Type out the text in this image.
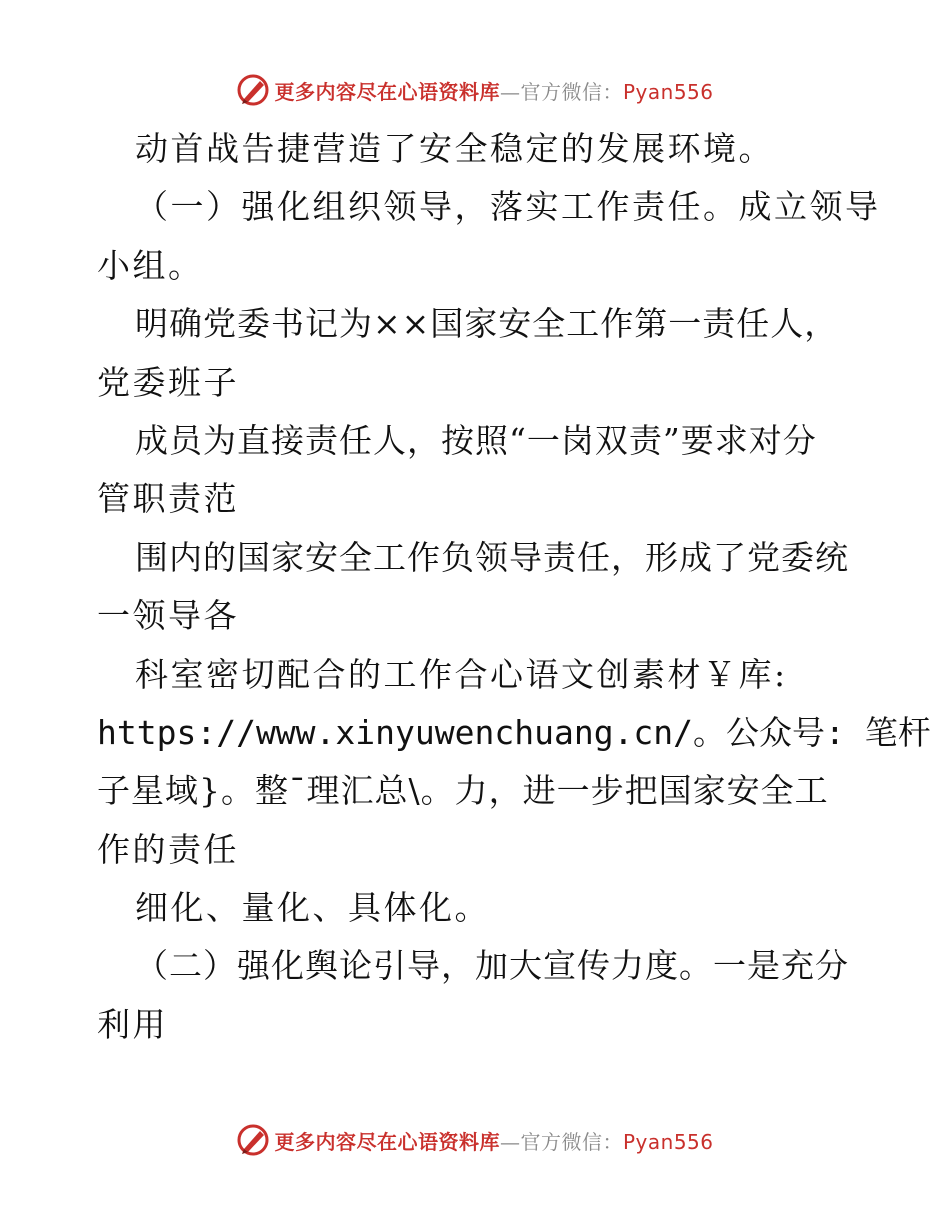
更多内容尽在心语资料库—官方微信：Pyan556
动首战告捷营造了安全稳定的发展环境。
（一）强化组织领导，落实工作责任。成立领导
小组。
明确党委书记为××国家安全工作第一责任人，
党委班子
成员为直接责任人，按照“一岗双责”要求对分
管职责范
围内的国家安全工作负领导责任，形成了党委统
一领导各
科室密切配合的工作合心语文创素材￥库:
https://www.xinyuwenchuang.cn/。公众号: 笔杆
子星域}。整¯理汇总\。力，进一步把国家安全工
作的责任
细化、量化、具体化。
（二）强化舆论引导，加大宣传力度。一是充分
利用
更多内容尽在心语资料库—官方微信：Pyan556
